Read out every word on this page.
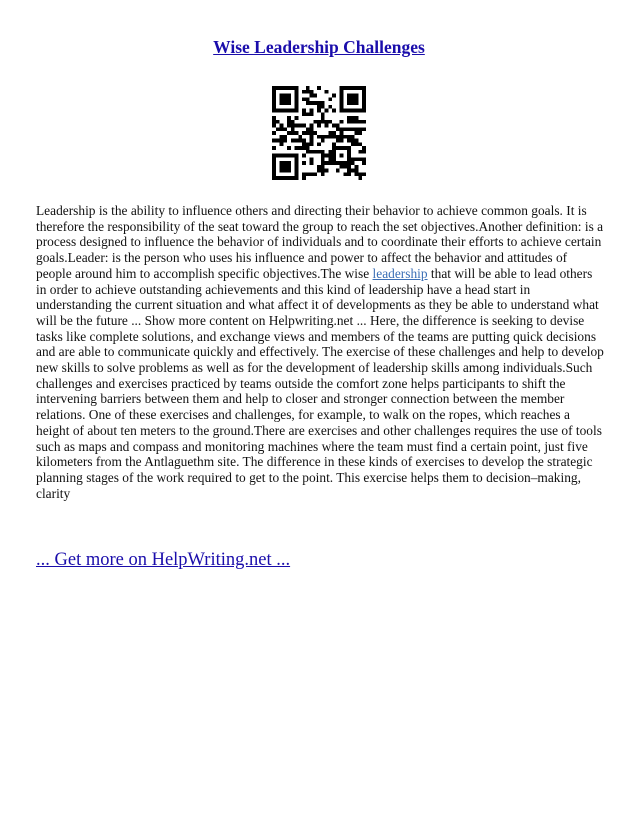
Wise Leadership Challenges

Leadership is the ability to influence others and directing their behavior to achieve common goals. It is therefore the responsibility of the seat toward the group to reach the set objectives.Another definition: is a process designed to influence the behavior of individuals and to coordinate their efforts to achieve certain goals.Leader: is the person who uses his influence and power to affect the behavior and attitudes of people around him to accomplish specific objectives.The wise leadership that will be able to lead others in order to achieve outstanding achievements and this kind of leadership have a head start in understanding the current situation and what affect it of developments as they be able to understand what will be the future ... Show more content on Helpwriting.net ... Here, the difference is seeking to devise tasks like complete solutions, and exchange views and members of the teams are putting quick decisions and are able to communicate quickly and effectively. The exercise of these challenges and help to develop new skills to solve problems as well as for the development of leadership skills among individuals.Such challenges and exercises practiced by teams outside the comfort zone helps participants to shift the intervening barriers between them and help to closer and stronger connection between the member relations. One of these exercises and challenges, for example, to walk on the ropes, which reaches a height of about ten meters to the ground.There are exercises and other challenges requires the use of tools such as maps and compass and monitoring machines where the team must find a certain point, just five kilometers from the Antlaguethm site. The difference in these kinds of exercises to develop the strategic planning stages of the work required to get to the point. This exercise helps them to decision–making, clarity

... Get more on HelpWriting.net ...
